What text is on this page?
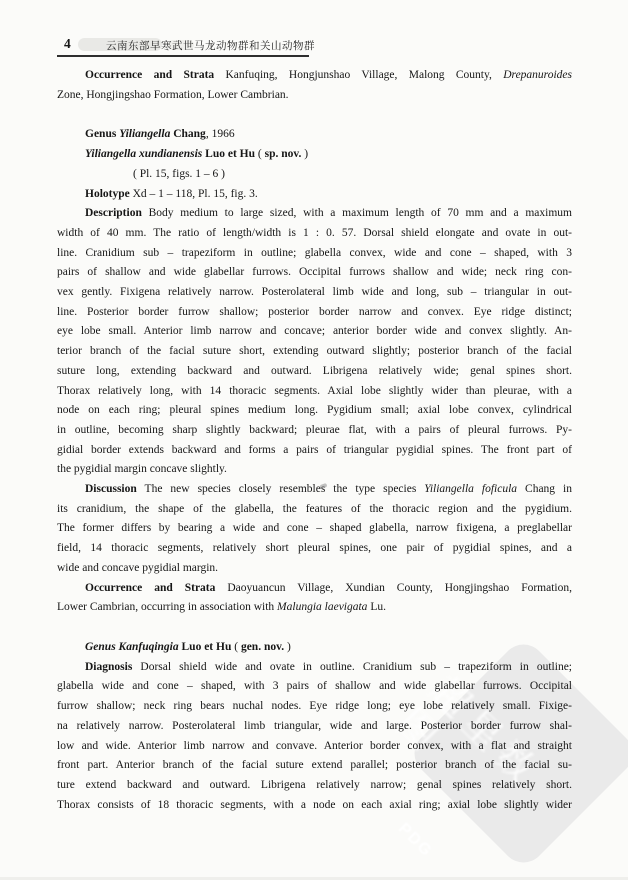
超星数图
PDG
4	云南东部早寒武世马龙动物群和关山动物群
Occurrence and Strata Kanfuqing, Hongjunshao Village, Malong County, Drepanuroides
Zone, Hongjingshao Formation, Lower Cambrian.
Genus Yiliangella Chang, 1966
Yiliangella xundianensis Luo et Hu ( sp. nov. )
( Pl. 15, figs. 1 – 6 )
Holotype Xd – 1 – 118, Pl. 15, fig. 3.
Description Body medium to large sized, with a maximum length of 70 mm and a maximum
width of 40 mm. The ratio of length/width is 1 : 0. 57. Dorsal shield elongate and ovate in out-
line. Cranidium sub – trapeziform in outline; glabella convex, wide and cone – shaped, with 3
pairs of shallow and wide glabellar furrows. Occipital furrows shallow and wide; neck ring con-
vex gently. Fixigena relatively narrow. Posterolateral limb wide and long, sub – triangular in out-
line. Posterior border furrow shallow; posterior border narrow and convex. Eye ridge distinct;
eye lobe small. Anterior limb narrow and concave; anterior border wide and convex slightly. An-
terior branch of the facial suture short, extending outward slightly; posterior branch of the facial
suture long, extending backward and outward. Librigena relatively wide; genal spines short.
Thorax relatively long, with 14 thoracic segments. Axial lobe slightly wider than pleurae, with a
node on each ring; pleural spines medium long. Pygidium small; axial lobe convex, cylindrical
in outline, becoming sharp slightly backward; pleurae flat, with a pairs of pleural furrows. Py-
gidial border extends backward and forms a pairs of triangular pygidial spines. The front part of
the pygidial margin concave slightly.
Discussion The new species closely resembles the type species Yiliangella foficula Chang in
its cranidium, the shape of the glabella, the features of the thoracic region and the pygidium.
The former differs by bearing a wide and cone – shaped glabella, narrow fixigena, a preglabellar
field, 14 thoracic segments, relatively short pleural spines, one pair of pygidial spines, and a
wide and concave pygidial margin.
Occurrence and Strata Daoyuancun Village, Xundian County, Hongjingshao Formation,
Lower Cambrian, occurring in association with Malungia laevigata Lu.
Genus Kanfuqingia Luo et Hu ( gen. nov. )
Diagnosis Dorsal shield wide and ovate in outline. Cranidium sub – trapeziform in outline;
glabella wide and cone – shaped, with 3 pairs of shallow and wide glabellar furrows. Occipital
furrow shallow; neck ring bears nuchal nodes. Eye ridge long; eye lobe relatively small. Fixige-
na relatively narrow. Posterolateral limb triangular, wide and large. Posterior border furrow shal-
low and wide. Anterior limb narrow and convave. Anterior border convex, with a flat and straight
front part. Anterior branch of the facial suture extend parallel; posterior branch of the facial su-
ture extend backward and outward. Librigena relatively narrow; genal spines relatively short.
Thorax consists of 18 thoracic segments, with a node on each axial ring; axial lobe slightly wider
